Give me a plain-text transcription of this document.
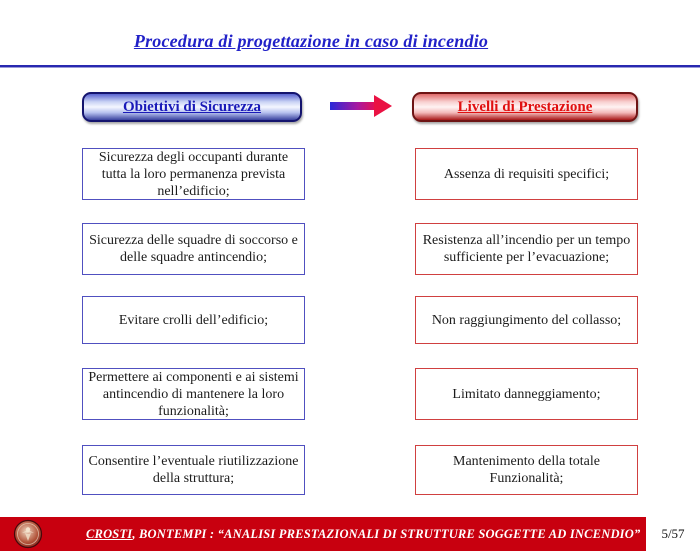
Procedura di progettazione in caso di incendio
Obiettivi di Sicurezza	Livelli di Prestazione
Sicurezza degli occupanti durante tutta la loro permanenza prevista nell’edificio;
Sicurezza delle squadre di soccorso e delle squadre antincendio;
Evitare crolli dell’edificio;
Permettere ai componenti e ai sistemi antincendio di mantenere la loro funzionalità;
Consentire l’eventuale riutilizzazione della struttura;
Assenza di requisiti specifici;
Resistenza all’incendio per un tempo sufficiente per l’evacuazione;
Non raggiungimento del collasso;
Limitato danneggiamento;
Mantenimento della totale Funzionalità;
CROSTI, BONTEMPI : “ANALISI PRESTAZIONALI DI STRUTTURE SOGGETTE AD INCENDIO”	5/57
